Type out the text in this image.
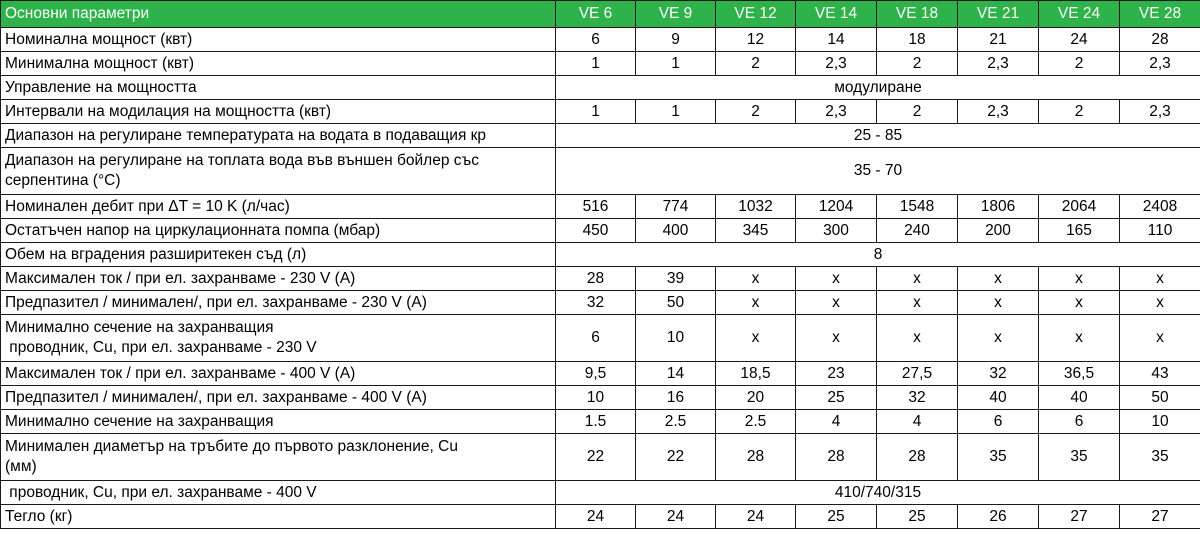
Основни параметри	VE 6	VE 9	VE 12	VE 14	VE 18	VE 21	VE 24	VE 28
Номинална мощност (квт)	6	9	12	14	18	21	24	28
Минимална мощност (квт)	1	1	2	2,3	2	2,3	2	2,3
Управление на мощността	модулиране							
Интервали на модилация на мощността (квт)	1	1	2	2,3	2	2,3	2	2,3
Диапазон на регулиране температурата на водата в подаващия кр	25 - 85							

Диапазон на регулиране на топлата вода във външен бойлер със
серпентина (°C)	35 - 70							
Номинален дебит при ΔT = 10 K (л/час)	516	774	1032	1204	1548	1806	2064	2408
Остатъчен напор на циркулационната помпа (мбар)	450	400	345	300	240	200	165	110
Обем на вградения разширитекен съд (л)	8							
Максимален ток / при ел. захранваме - 230 V (A)	28	39	x	x	x	x	x	x
Предпазител / минимален/, при ел. захранваме - 230 V (A)	32	50	x	x	x	x	x	x

Минимално сечение на захранващия
проводник, Cu, при ел. захранваме - 230 V	6	10	x	x	x	x	x	x
Максимален ток / при ел. захранваме - 400 V (A)	9,5	14	18,5	23	27,5	32	36,5	43
Предпазител / минимален/, при ел. захранваме - 400 V (A)	10	16	20	25	32	40	40	50
Минимално сечение на захранващия	1.5	2.5	2.5	4	4	6	6	10

Минимален диаметър на тръбите до първото разклонение, Cu
(мм)	22	22	28	28	28	35	35	35
проводник, Cu, при ел. захранваме - 400 V	410/740/315							
Тегло (кг)	24	24	24	25	25	26	27	27
